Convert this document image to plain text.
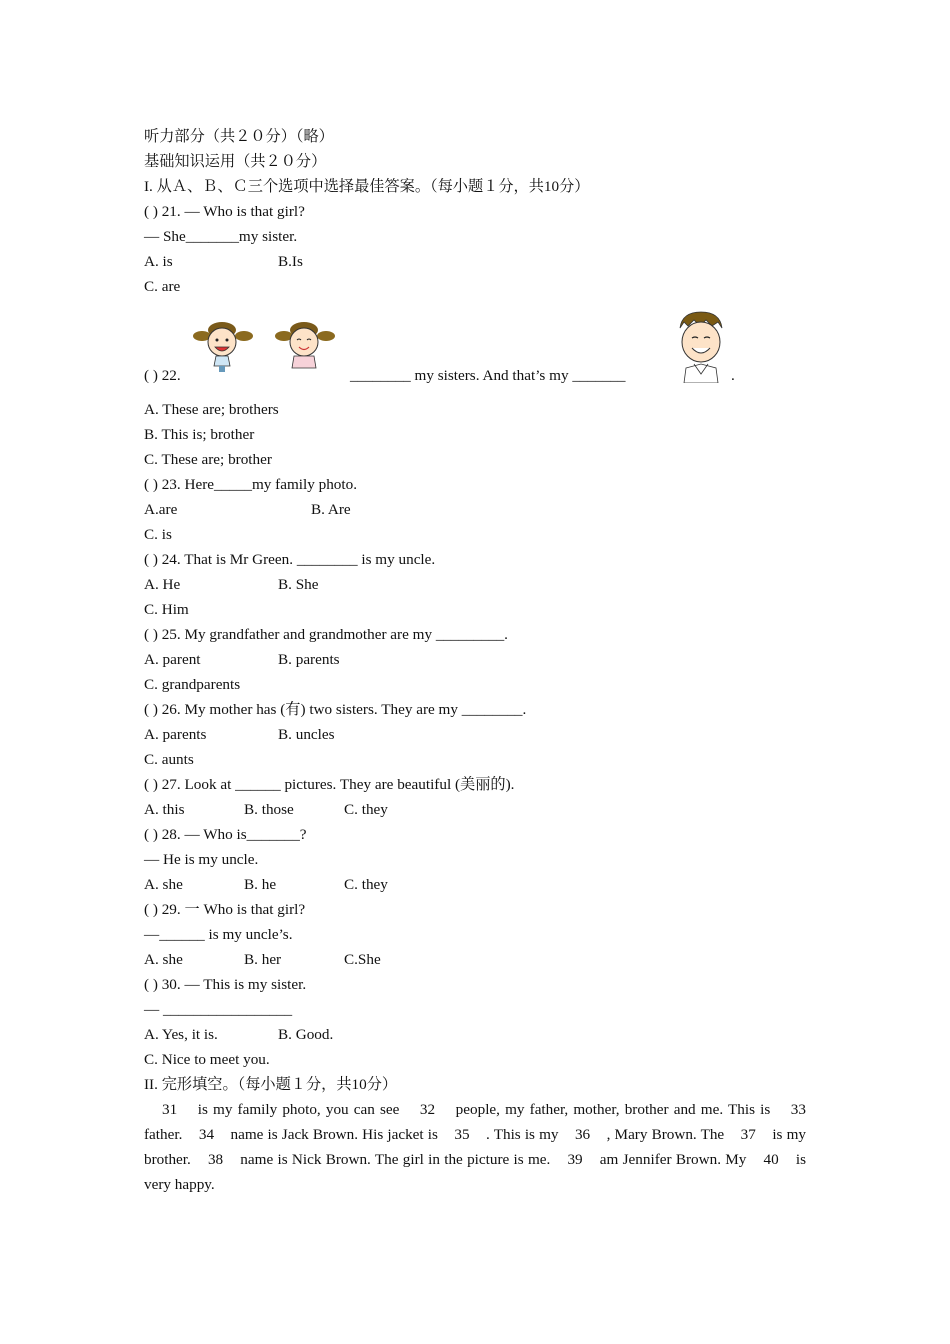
听力部分（共２０分）（略）
基础知识运用（共２０分）
I. 从Ａ、Ｂ、Ｃ三个选项中选择最佳答案。（每小题１分，共10分）
( ) 21. — Who is that girl?
— She_______my sister.
A. is	B.Is
C. are
( ) 22.	________ my sisters. And that’s my _______	.
A. These are; brothers
B. This is; brother
C. These are; brother
( ) 23. Here_____my family photo.
A.are	B. Are
C. is
( ) 24. That is Mr Green. ________ is my uncle.
A. He	B. She
C. Him
( ) 25. My grandfather and grandmother are my _________.
A. parent	B. parents
C. grandparents
( ) 26. My mother has (有) two sisters. They are my ________.
A. parents	B. uncles
C. aunts
( ) 27. Look at ______ pictures. They are beautiful (美丽的).
A. this	B. those	C. they
( ) 28. — Who is_______?
— He is my uncle.
A. she	B. he	C. they
( ) 29. 一 Who is that girl?
—______ is my uncle’s.
A. she	B. her	C.She
( ) 30. — This is my sister.
— _________________
A. Yes, it is.	B. Good.
C. Nice to meet you.
II. 完形填空。（每小题１分，共10分）
31    is my family photo, you can see    32    people, my father, mother, brother and me. This is    33    father.    34    name is Jack Brown. His jacket is    35    . This is my    36    , Mary Brown. The    37    is my brother.    38    name is Nick Brown. The girl in the picture is me.    39    am Jennifer Brown. My    40    is very happy.
